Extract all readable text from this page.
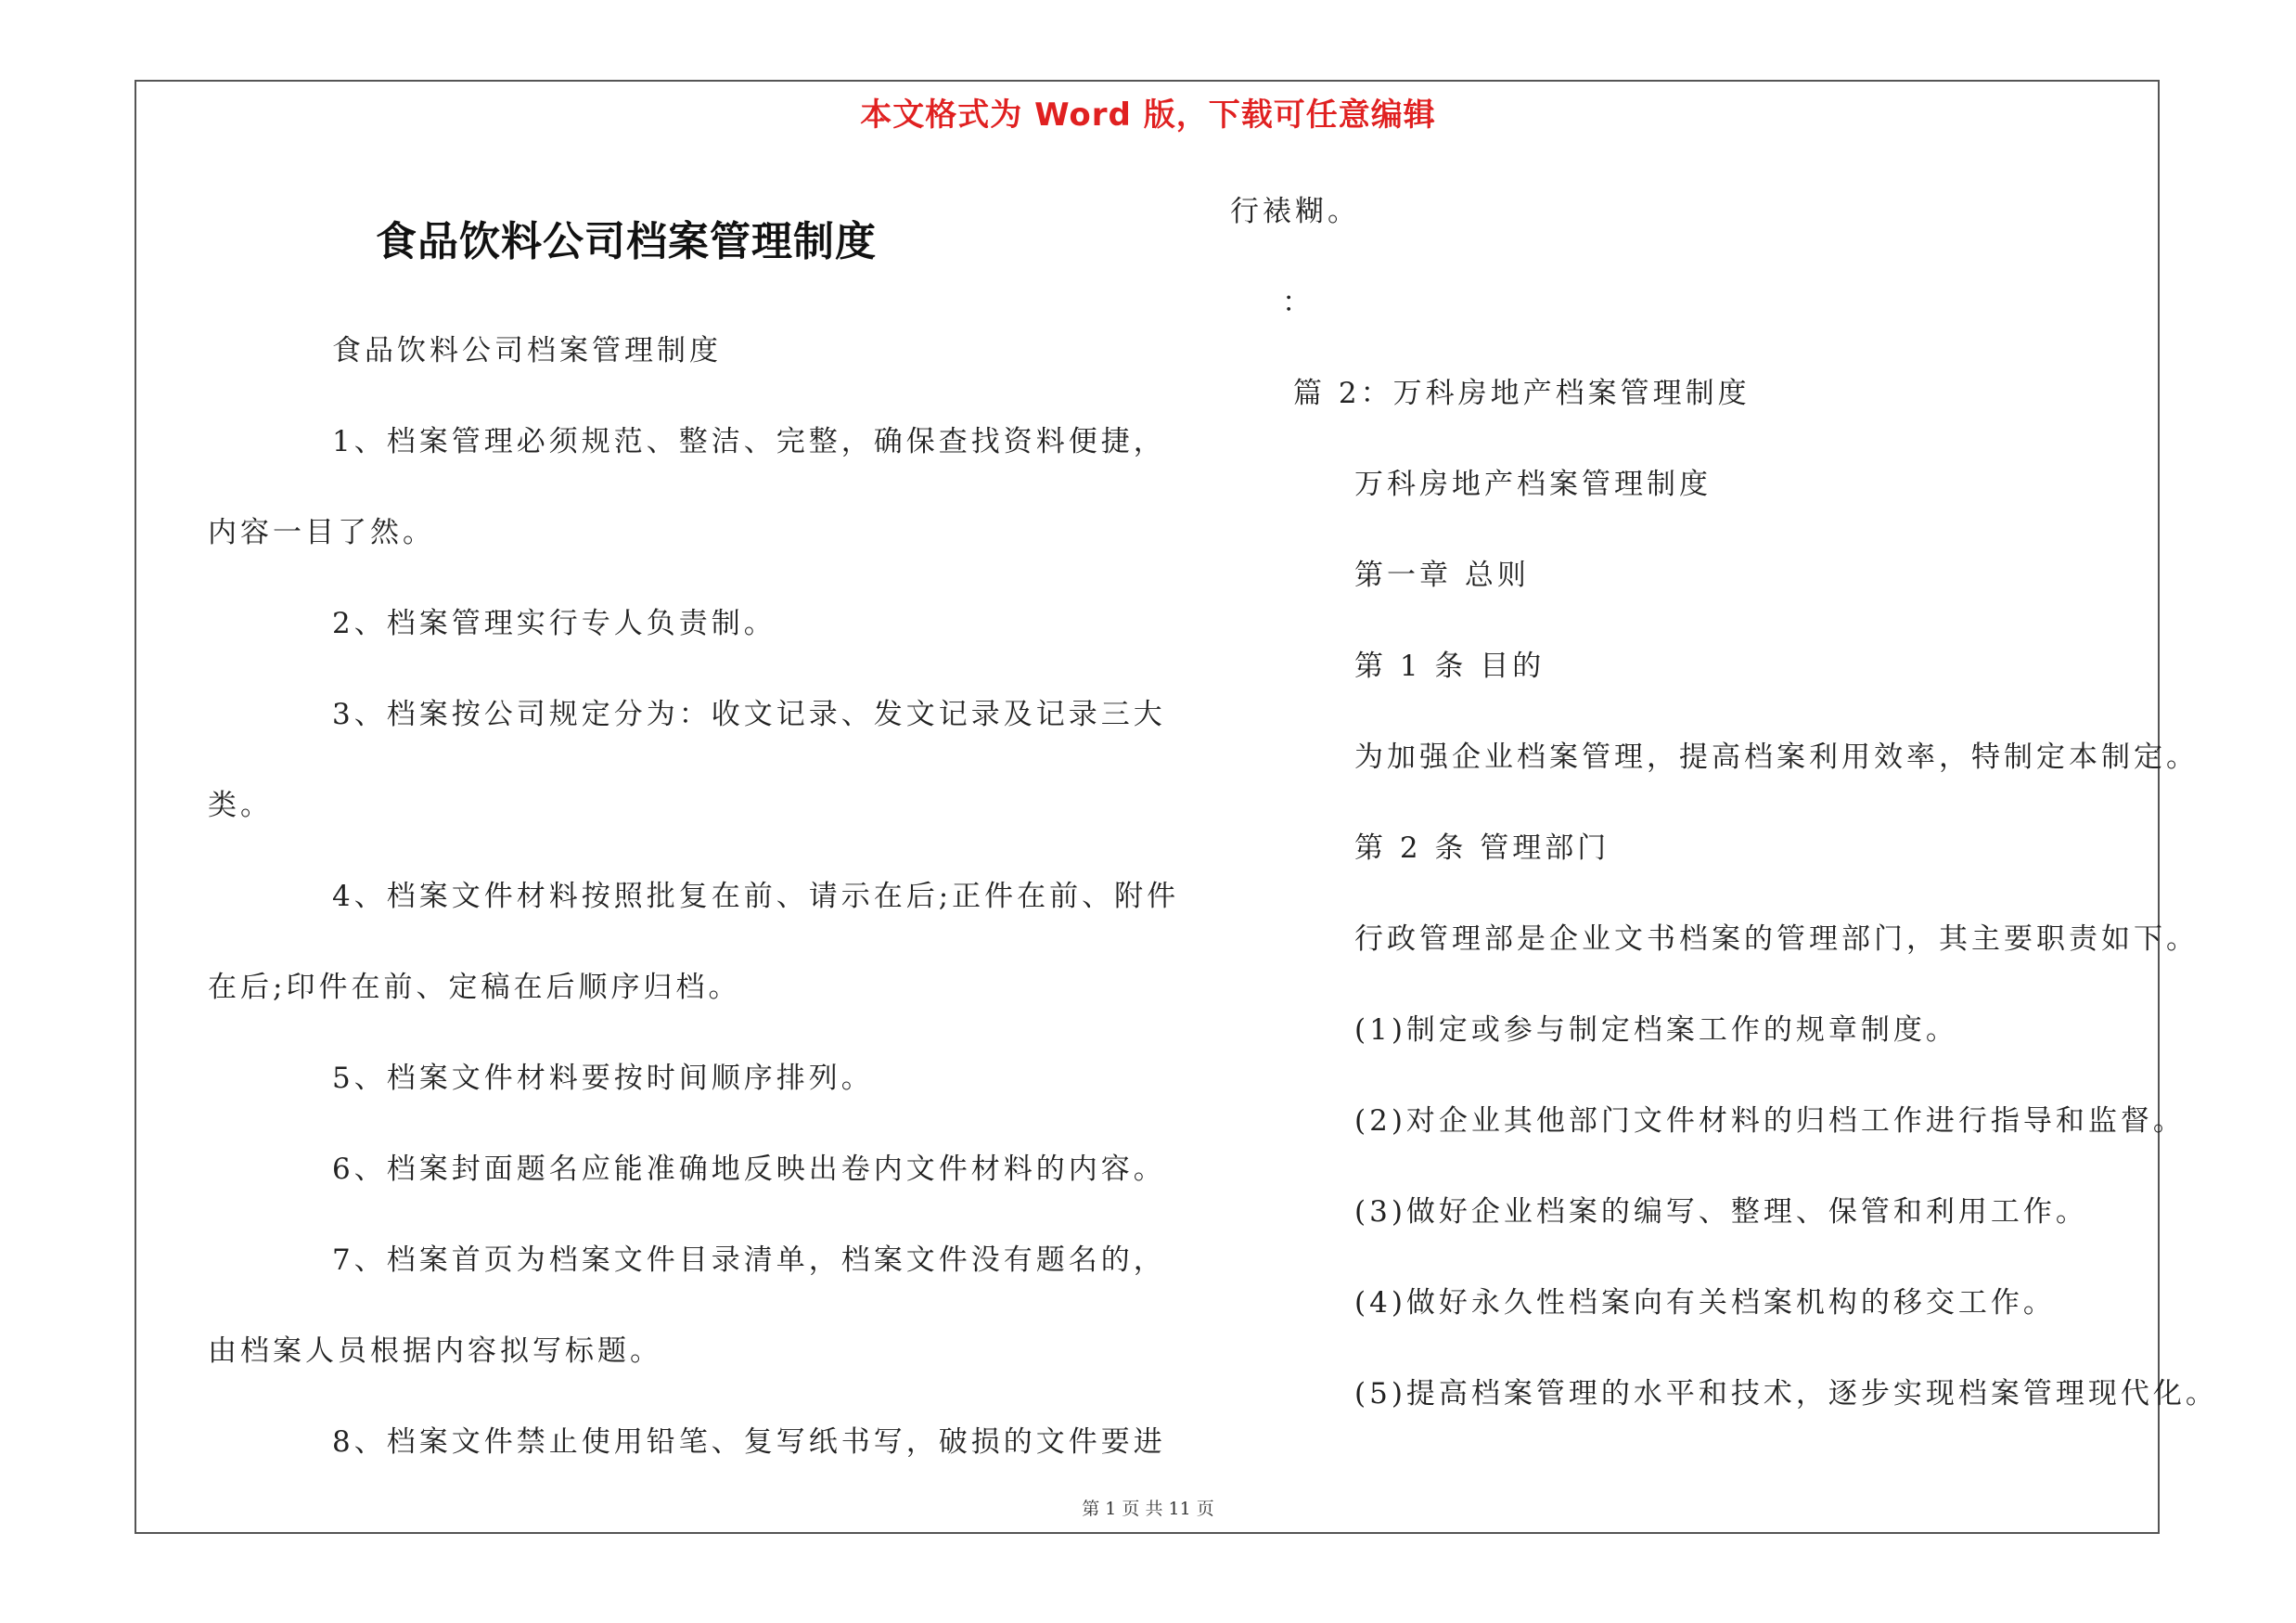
本文格式为 Word 版，下载可任意编辑
食品饮料公司档案管理制度
食品饮料公司档案管理制度
1、档案管理必须规范、整洁、完整，确保查找资料便捷，
内容一目了然。
2、档案管理实行专人负责制。
3、档案按公司规定分为：收文记录、发文记录及记录三大
类。
4、档案文件材料按照批复在前、请示在后;正件在前、附件
在后;印件在前、定稿在后顺序归档。
5、档案文件材料要按时间顺序排列。
6、档案封面题名应能准确地反映出卷内文件材料的内容。
7、档案首页为档案文件目录清单，档案文件没有题名的，
由档案人员根据内容拟写标题。
8、档案文件禁止使用铅笔、复写纸书写，破损的文件要进
行裱糊。
：
篇 2：万科房地产档案管理制度
万科房地产档案管理制度
第一章 总则
第 1 条 目的
为加强企业档案管理，提高档案利用效率，特制定本制定。
第 2 条 管理部门
行政管理部是企业文书档案的管理部门，其主要职责如下。
(1)制定或参与制定档案工作的规章制度。
(2)对企业其他部门文件材料的归档工作进行指导和监督。
(3)做好企业档案的编写、整理、保管和利用工作。
(4)做好永久性档案向有关档案机构的移交工作。
(5)提高档案管理的水平和技术，逐步实现档案管理现代化。
第 1 页 共 11 页
